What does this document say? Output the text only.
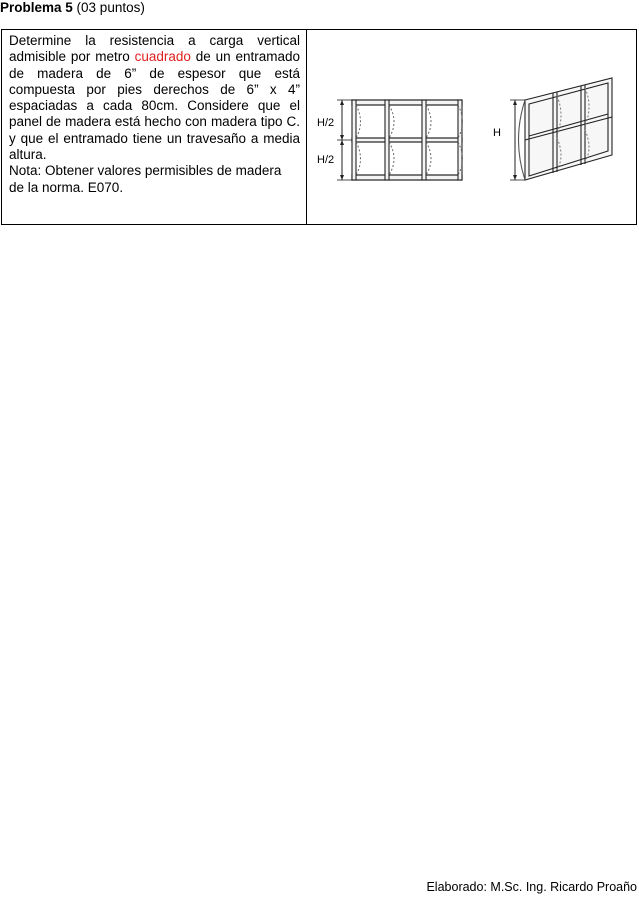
Problema 5 (03 puntos)
Determine la resistencia a carga vertical admisible por metro cuadrado de un entramado de madera de 6” de espesor que está compuesta por pies derechos de 6” x 4” espaciadas a cada 80cm. Considere que el panel de madera está hecho con madera tipo C. y que el entramado tiene un travesaño a media altura.

Nota: Obtener valores permisibles de madera de la norma. E070.

H/2
H/2
H
Elaborado: M.Sc. Ing. Ricardo Proaño
